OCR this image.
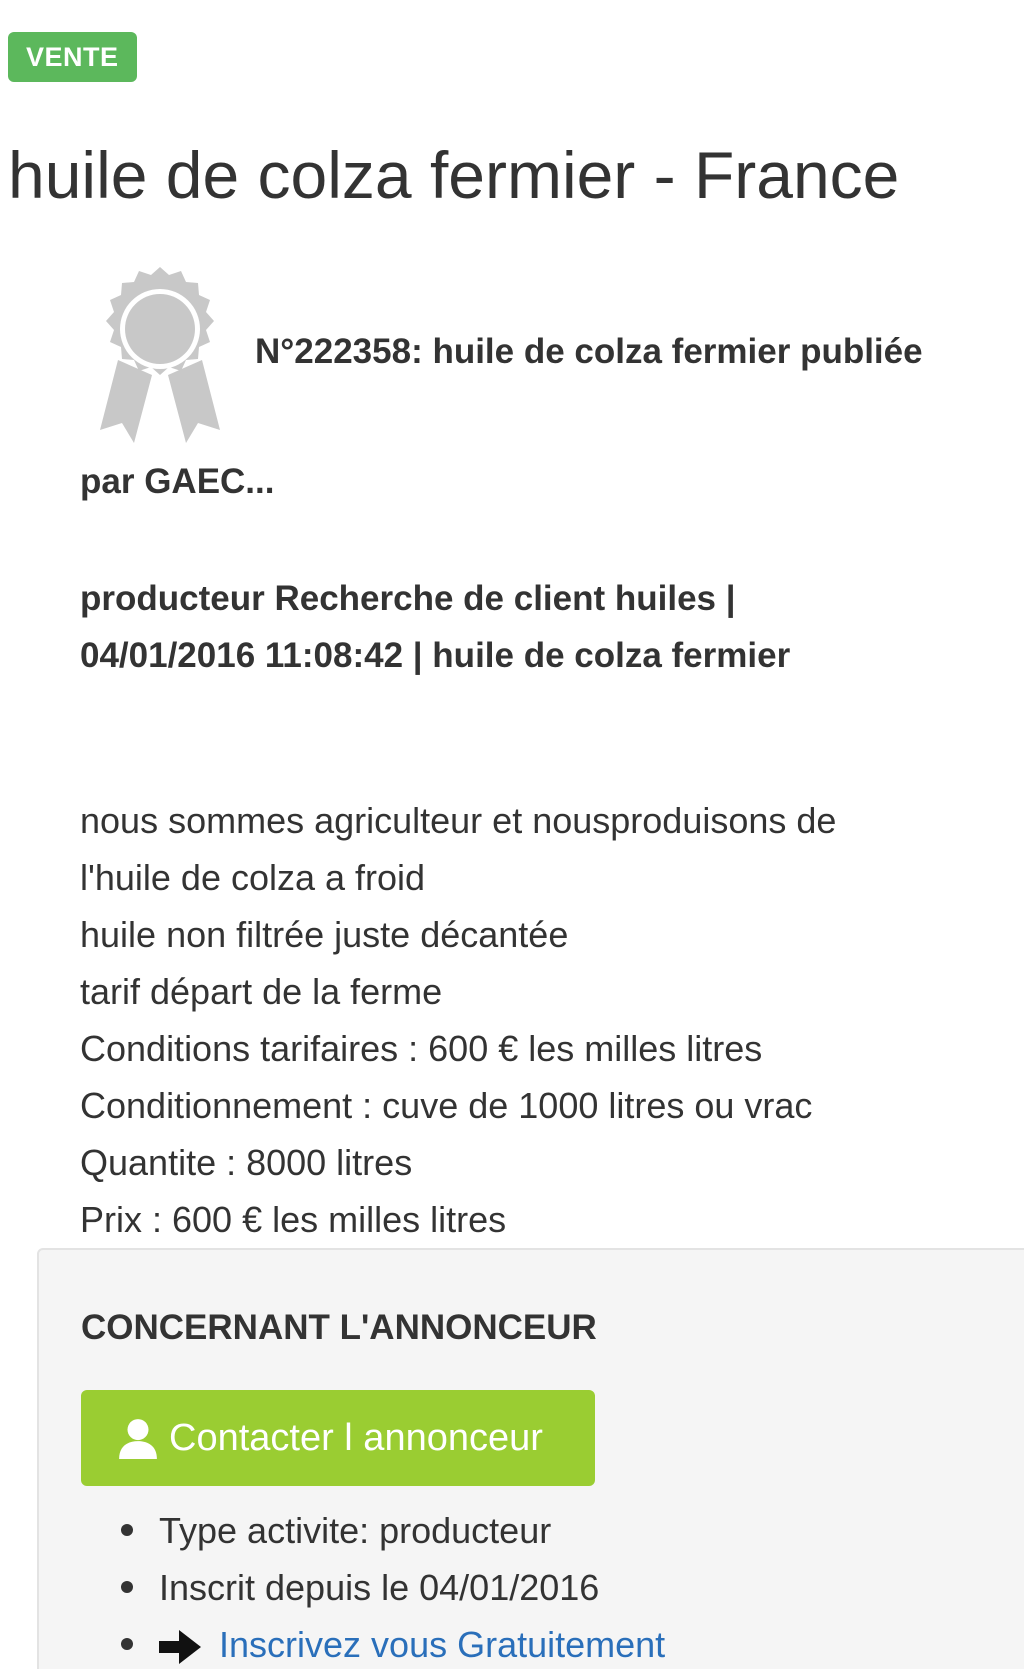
VENTE
huile de colza fermier - France
N°222358: huile de colza fermier publiée
par GAEC...
producteur Recherche de client huiles |
04/01/2016 11:08:42 | huile de colza fermier

nous sommes agriculteur et nousproduisons de

l'huile de colza a froid

huile non filtrée juste décantée

tarif départ de la ferme

Conditions tarifaires : 600 € les milles litres

Conditionnement : cuve de 1000 litres ou vrac

Quantite : 8000 litres

Prix : 600 € les milles litres

CONCERNANT L'ANNONCEUR
Contacter l annonceur
Type activite: producteur
Inscrit depuis le 04/01/2016
Inscrivez vous Gratuitement
